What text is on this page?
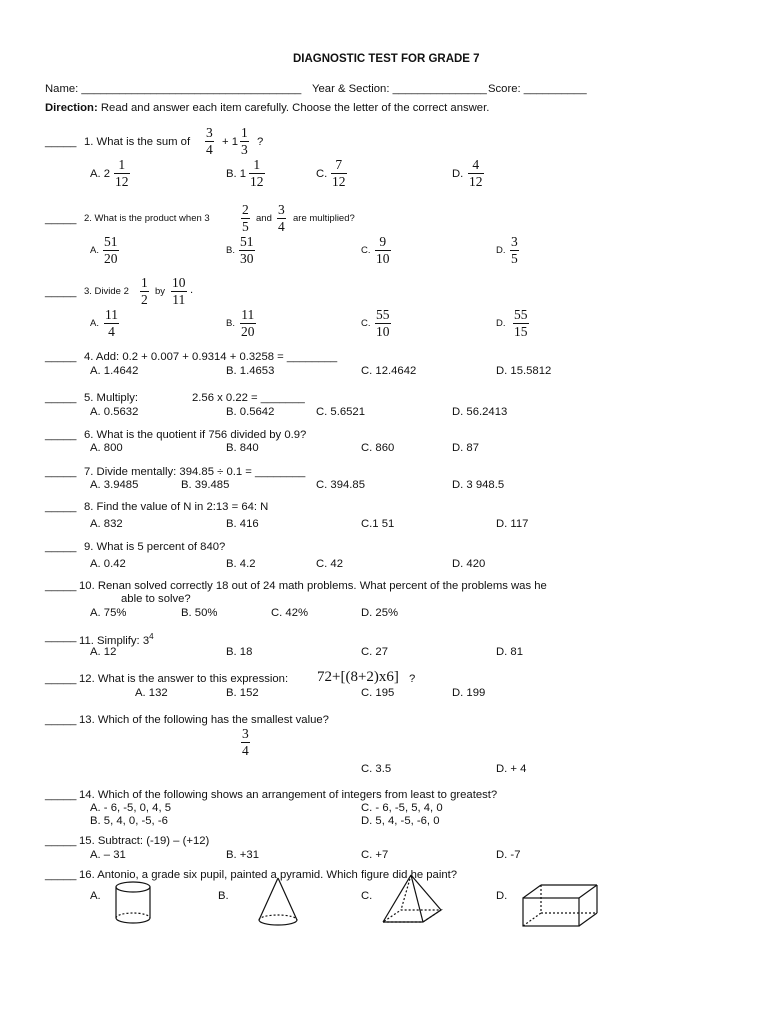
DIAGNOSTIC TEST FOR GRADE 7
Name: ___________________________________ Year & Section: _______________ Score: __________
Direction: Read and answer each item carefully. Choose the letter of the correct answer.
_____ 1. What is the sum of
3
4 + 1
1
3 ?
A. 2
1
12	B. 1
1
12	C.
7
12	D.
4
12
_____ 2. What is the product when 3
2
5
and
3
4
are multiplied?
A.
51
20
B.
51
30
C.
9
10
D.
3
5
_____ 3. Divide 2
1
2
by
10
11
.
A.
11
4
B.
11
20
C.
55
10
D.
55
15
_____ 4. Add: 0.2 + 0.007 + 0.9314 + 0.3258 = ________
A. 1.4642	B. 1.4653	C. 12.4642	D. 15.5812
_____ 5. Multiply:	2.56 x 0.22 = _______
A. 0.5632	B. 0.5642	C. 5.6521	D. 56.2413
_____ 6. What is the quotient if 756 divided by 0.9?
A. 800	B. 840	C. 860	D. 87
_____ 7. Divide mentally: 394.85 ÷ 0.1 = ________
A. 3.9485	B. 39.485	C. 394.85	D. 3 948.5
_____ 8. Find the value of N in 2:13 = 64: N
A. 832	B. 416	C.1 51	D. 117
_____ 9. What is 5 percent of 840?
A. 0.42	B. 4.2	C. 42	D. 420
_____ 10. Renan solved correctly 18 out of 24 math problems. What percent of the problems was he
able to solve?
A. 75%	B. 50%	C. 42%	D. 25%
_____ 11. Simplify: $3^4$
A. 12	B. 18	C. 27	D. 81
_____ 12. What is the answer to this expression: 72+[(8+2)x6] ?
A. 132	B. 152	C. 195	D. 199
_____ 13. Which of the following has the smallest value?
3
4
C. 3.5	D. + 4
_____ 14. Which of the following shows an arrangement of integers from least to greatest?
A. - 6, -5, 0, 4, 5	C. - 6, -5, 5, 4, 0
B. 5, 4, 0, -5, -6	D. 5, 4, -5, -6, 0
_____ 15. Subtract: (-19) – (+12)
A. – 31	B. +31	C. +7	D. -7
_____ 16. Antonio, a grade six pupil, painted a pyramid. Which figure did he paint?
A.	B.	C.	D.
